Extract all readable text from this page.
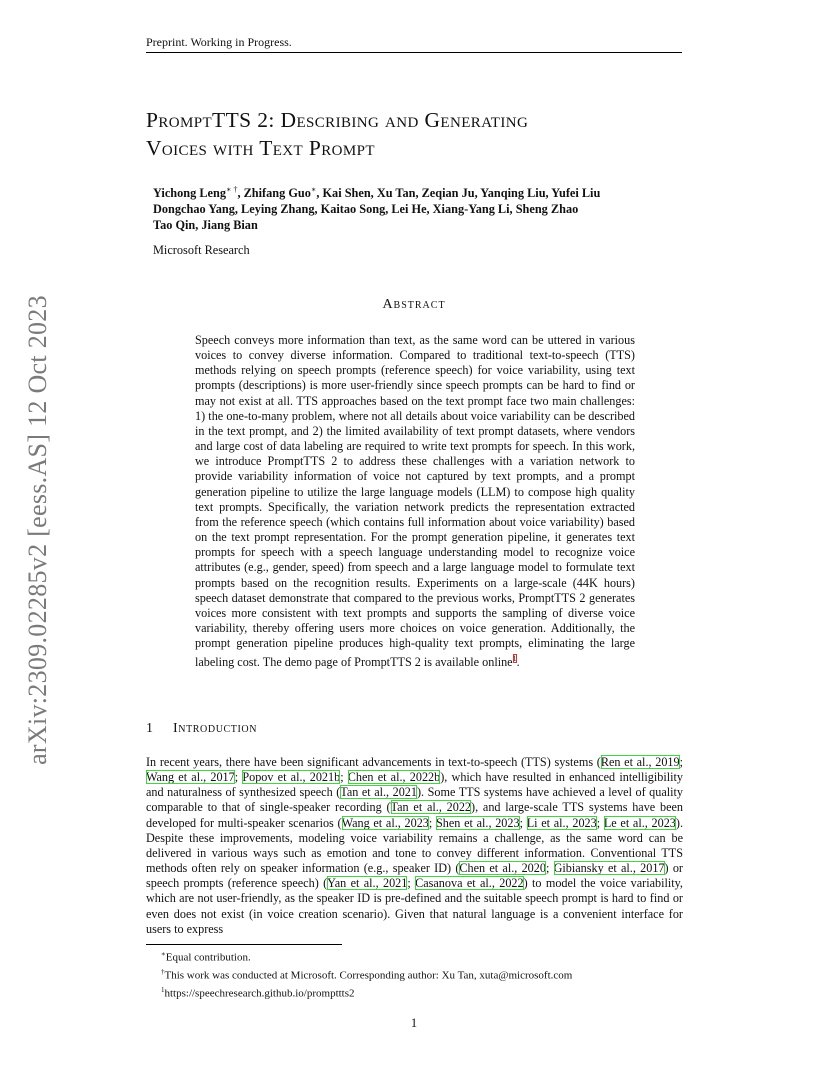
Preprint. Working in Progress.
PromptTTS 2: Describing and Generating
Voices with Text Prompt
Yichong Leng∗ †, Zhifang Guo∗, Kai Shen, Xu Tan, Zeqian Ju, Yanqing Liu, Yufei Liu
Dongchao Yang, Leying Zhang, Kaitao Song, Lei He, Xiang-Yang Li, Sheng Zhao
Tao Qin, Jiang Bian
Microsoft Research
arXiv:2309.02285v2 [eess.AS] 12 Oct 2023	Abstract
Speech conveys more information than text, as the same word can be uttered in various voices to convey diverse information. Compared to traditional text-to-speech (TTS) methods relying on speech prompts (reference speech) for voice variability, using text prompts (descriptions) is more user-friendly since speech prompts can be hard to find or may not exist at all. TTS approaches based on the text prompt face two main challenges: 1) the one-to-many problem, where not all details about voice variability can be described in the text prompt, and 2) the limited availability of text prompt datasets, where vendors and large cost of data labeling are required to write text prompts for speech. In this work, we introduce PromptTTS 2 to address these challenges with a variation network to provide variability information of voice not captured by text prompts, and a prompt generation pipeline to utilize the large language models (LLM) to compose high quality text prompts. Specifically, the variation network predicts the representation extracted from the reference speech (which contains full information about voice variability) based on the text prompt representation. For the prompt generation pipeline, it generates text prompts for speech with a speech language understanding model to recognize voice attributes (e.g., gender, speed) from speech and a large language model to formulate text prompts based on the recognition results. Experiments on a large-scale (44K hours) speech dataset demonstrate that compared to the previous works, PromptTTS 2 generates voices more consistent with text prompts and supports the sampling of diverse voice variability, thereby offering users more choices on voice generation. Additionally, the prompt generation pipeline produces high-quality text prompts, eliminating the large labeling cost. The demo page of PromptTTS 2 is available online$^1$.
1 Introduction
In recent years, there have been significant advancements in text-to-speech (TTS) systems (Ren et al., 2019; Wang et al., 2017; Popov et al., 2021b; Chen et al., 2022b), which have resulted in enhanced intelligibility and naturalness of synthesized speech (Tan et al., 2021). Some TTS systems have achieved a level of quality comparable to that of single-speaker recording (Tan et al., 2022), and large-scale TTS systems have been developed for multi-speaker scenarios (Wang et al., 2023; Shen et al., 2023; Li et al., 2023; Le et al., 2023). Despite these improvements, modeling voice variability remains a challenge, as the same word can be delivered in various ways such as emotion and tone to convey different information. Conventional TTS methods often rely on speaker information (e.g., speaker ID) (Chen et al., 2020; Gibiansky et al., 2017) or speech prompts (reference speech) (Yan et al., 2021; Casanova et al., 2022) to model the voice variability, which are not user-friendly, as the speaker ID is pre-defined and the suitable speech prompt is hard to find or even does not exist (in voice creation scenario). Given that natural language is a convenient interface for users to express
∗Equal contribution.
†This work was conducted at Microsoft. Corresponding author: Xu Tan, xuta@microsoft.com
$^1$https://speechresearch.github.io/prompttts2
1
